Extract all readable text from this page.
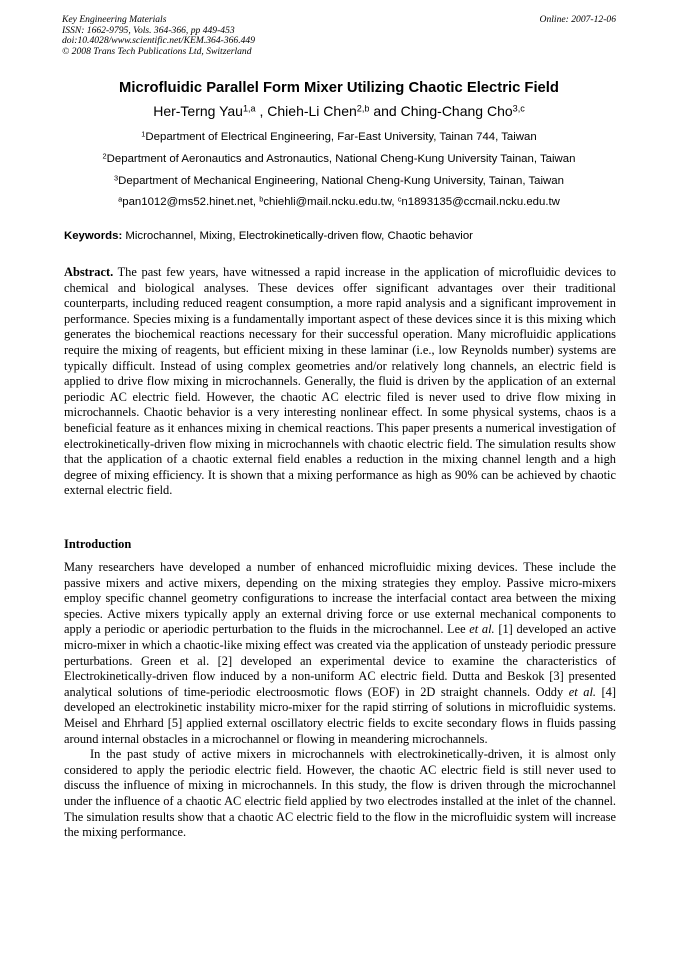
Key Engineering Materials
ISSN: 1662-9795, Vols. 364-366, pp 449-453
doi:10.4028/www.scientific.net/KEM.364-366.449
© 2008 Trans Tech Publications Ltd, Switzerland
Online: 2007-12-06
Microfluidic Parallel Form Mixer Utilizing Chaotic Electric Field
Her-Terng Yau$^{1,a}$ , Chieh-Li Chen$^{2,b}$ and Ching-Chang Cho$^{3,c}$
$^1$Department of Electrical Engineering, Far-East University, Tainan 744, Taiwan
$^2$Department of Aeronautics and Astronautics, National Cheng-Kung University Tainan, Taiwan
$^3$Department of Mechanical Engineering, National Cheng-Kung University, Tainan, Taiwan
$^a$pan1012@ms52.hinet.net, $^b$chiehli@mail.ncku.edu.tw, $^c$n1893135@ccmail.ncku.edu.tw
Keywords: Microchannel, Mixing, Electrokinetically-driven flow, Chaotic behavior
Abstract. The past few years, have witnessed a rapid increase in the application of microfluidic devices to chemical and biological analyses. These devices offer significant advantages over their traditional counterparts, including reduced reagent consumption, a more rapid analysis and a significant improvement in performance. Species mixing is a fundamentally important aspect of these devices since it is this mixing which generates the biochemical reactions necessary for their successful operation. Many microfluidic applications require the mixing of reagents, but efficient mixing in these laminar (i.e., low Reynolds number) systems are typically difficult. Instead of using complex geometries and/or relatively long channels, an electric field is applied to drive flow mixing in microchannels. Generally, the fluid is driven by the application of an external periodic AC electric field. However, the chaotic AC electric filed is never used to drive flow mixing in microchannels. Chaotic behavior is a very interesting nonlinear effect. In some physical systems, chaos is a beneficial feature as it enhances mixing in chemical reactions. This paper presents a numerical investigation of electrokinetically-driven flow mixing in microchannels with chaotic electric field. The simulation results show that the application of a chaotic external field enables a reduction in the mixing channel length and a high degree of mixing efficiency. It is shown that a mixing performance as high as 90% can be achieved by chaotic external electric field.
Introduction

Many researchers have developed a number of enhanced microfluidic mixing devices. These include the passive mixers and active mixers, depending on the mixing strategies they employ. Passive micro-mixers employ specific channel geometry configurations to increase the interfacial contact area between the mixing species. Active mixers typically apply an external driving force or use external mechanical components to apply a periodic or aperiodic perturbation to the fluids in the microchannel. Lee et al. [1] developed an active micro-mixer in which a chaotic-like mixing effect was created via the application of unsteady periodic pressure perturbations. Green et al. [2] developed an experimental device to examine the characteristics of Electrokinetically-driven flow induced by a non-uniform AC electric field. Dutta and Beskok [3] presented analytical solutions of time-periodic electroosmotic flows (EOF) in 2D straight channels. Oddy et al. [4] developed an electrokinetic instability micro-mixer for the rapid stirring of solutions in microfluidic systems. Meisel and Ehrhard [5] applied external oscillatory electric fields to excite secondary flows in fluids passing around internal obstacles in a microchannel or flowing in meandering microchannels.

In the past study of active mixers in microchannels with electrokinetically-driven, it is almost only considered to apply the periodic electric field. However, the chaotic AC electric field is still never used to discuss the influence of mixing in microchannels. In this study, the flow is driven through the microchannel under the influence of a chaotic AC electric field applied by two electrodes installed at the inlet of the channel. The simulation results show that a chaotic AC electric field to the flow in the microfluidic system will increase the mixing performance.
